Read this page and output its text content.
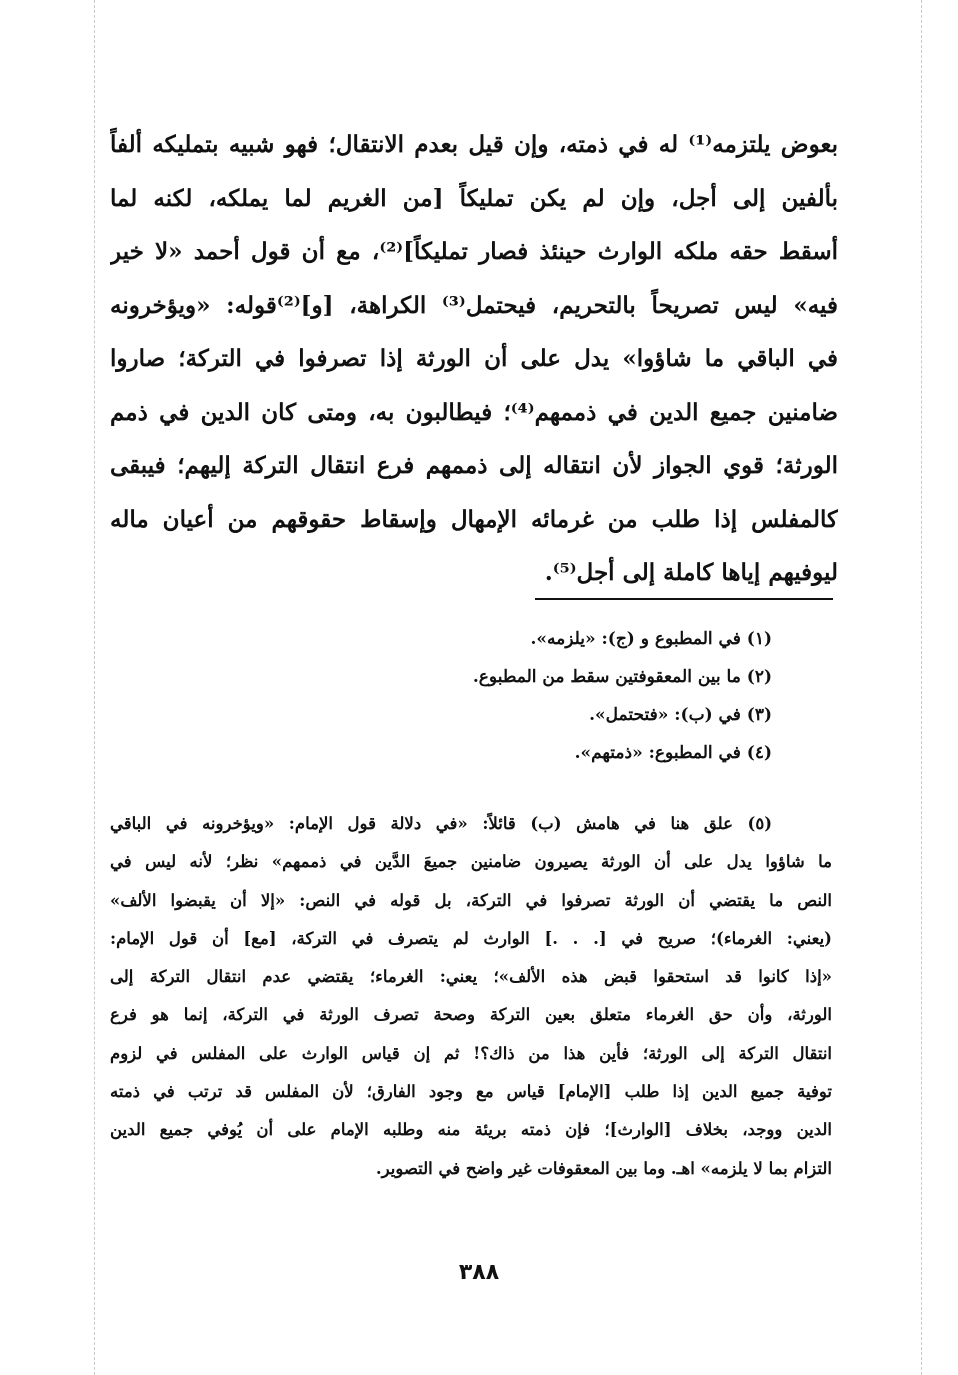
بعوض يلتزمه⁽¹⁾ له في ذمته، وإن قيل بعدم الانتقال؛ فهو شبيه بتمليكه ألفاً
بألفين إلى أجل، وإن لم يكن تمليكاً [من الغريم لما يملكه، لكنه لما
أسقط حقه ملكه الوارث حينئذ فصار تمليكاً]⁽²⁾، مع أن قول أحمد «لا خير
فيه» ليس تصريحاً بالتحريم، فيحتمل⁽³⁾ الكراهة، [و]⁽²⁾قوله: «ويؤخرونه
في الباقي ما شاؤوا» يدل على أن الورثة إذا تصرفوا في التركة؛ صاروا
ضامنين جميع الدين في ذممهم⁽⁴⁾؛ فيطالبون به، ومتى كان الدين في ذمم
الورثة؛ قوي الجواز لأن انتقاله إلى ذممهم فرع انتقال التركة إليهم؛ فيبقى
كالمفلس إذا طلب من غرمائه الإمهال وإسقاط حقوقهم من أعيان ماله
ليوفيهم إياها كاملة إلى أجل⁽⁵⁾.
(١) في المطبوع و (ج): «يلزمه».
(٢) ما بين المعقوفتين سقط من المطبوع.
(٣) في (ب): «فتحتمل».
(٤) في المطبوع: «ذمتهم».
(٥) علق هنا في هامش (ب) قائلاً: «في دلالة قول الإمام: «ويؤخرونه في الباقي
ما شاؤوا يدل على أن الورثة يصيرون ضامنين جميعَ الدَّين في ذممهم» نظر؛ لأنه ليس في
النص ما يقتضي أن الورثة تصرفوا في التركة، بل قوله في النص: «إلا أن يقبضوا الألف»
(يعني: الغرماء)؛ صريح في [. . .] الوارث لم يتصرف في التركة، [مع] أن قول الإمام:
«إذا كانوا قد استحقوا قبض هذه الألف»؛ يعني: الغرماء؛ يقتضي عدم انتقال التركة إلى
الورثة، وأن حق الغرماء متعلق بعين التركة وصحة تصرف الورثة في التركة، إنما هو فرع
انتقال التركة إلى الورثة؛ فأين هذا من ذاك؟! ثم إن قياس الوارث على المفلس في لزوم
توفية جميع الدين إذا طلب [الإمام] قياس مع وجود الفارق؛ لأن المفلس قد ترتب في ذمته
الدين ووجد، بخلاف [الوارث]؛ فإن ذمته بريئة منه وطلبه الإمام على أن يُوفي جميع الدين
التزام بما لا يلزمه» اهـ. وما بين المعقوفات غير واضح في التصوير.
٣٨٨
